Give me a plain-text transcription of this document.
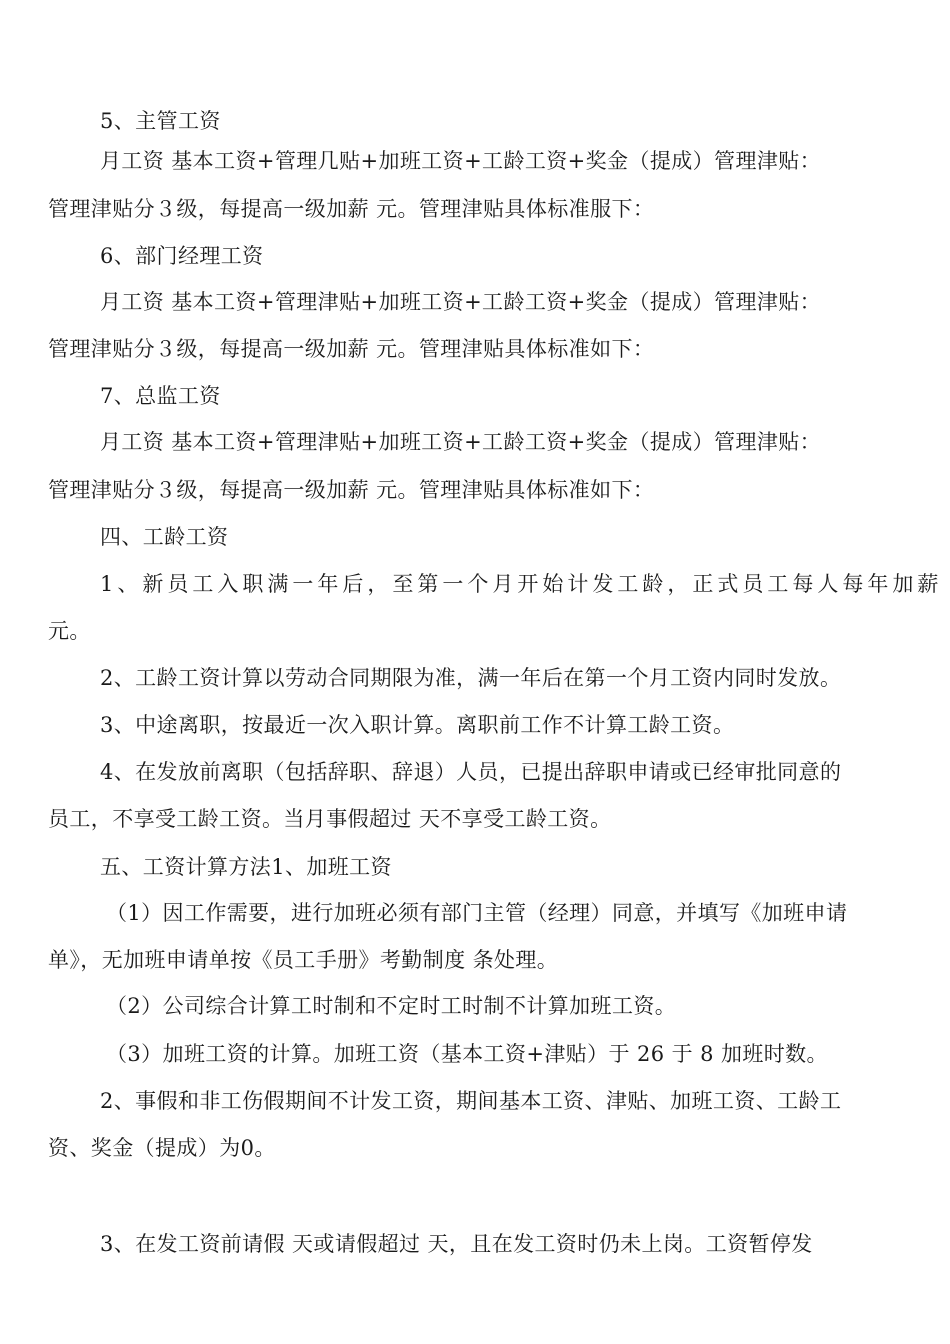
5、主管工资
月工资 基本工资+管理几贴+加班工资+工龄工资+奖金（提成）管理津贴：
管理津贴分３级，每提高一级加薪 元。管理津贴具体标准服下：
6、部门经理工资
月工资 基本工资+管理津贴+加班工资+工龄工资+奖金（提成）管理津贴：
管理津贴分３级，每提高一级加薪 元。管理津贴具体标准如下：
7、总监工资
月工资 基本工资+管理津贴+加班工资+工龄工资+奖金（提成）管理津贴：
管理津贴分３级，每提高一级加薪 元。管理津贴具体标准如下：
四、工龄工资
1、新员工入职满一年后，至第一个月开始计发工龄，正式员工每人每年加薪
元。
2、工龄工资计算以劳动合同期限为准，满一年后在第一个月工资内同时发放。
3、中途离职，按最近一次入职计算。离职前工作不计算工龄工资。
4、在发放前离职（包括辞职、辞退）人员，已提出辞职申请或已经审批同意的
员工，不享受工龄工资。当月事假超过 天不享受工龄工资。
五、工资计算方法1、加班工资
（1）因工作需要，进行加班必须有部门主管（经理）同意，并填写《加班申请
单》，无加班申请单按《员工手册》考勤制度 条处理。
（2）公司综合计算工时制和不定时工时制不计算加班工资。
（3）加班工资的计算。加班工资（基本工资+津贴）于 26 于 8 加班时数。
2、事假和非工伤假期间不计发工资，期间基本工资、津贴、加班工资、工龄工
资、奖金（提成）为0。
3、在发工资前请假 天或请假超过 天，且在发工资时仍未上岗。工资暂停发
